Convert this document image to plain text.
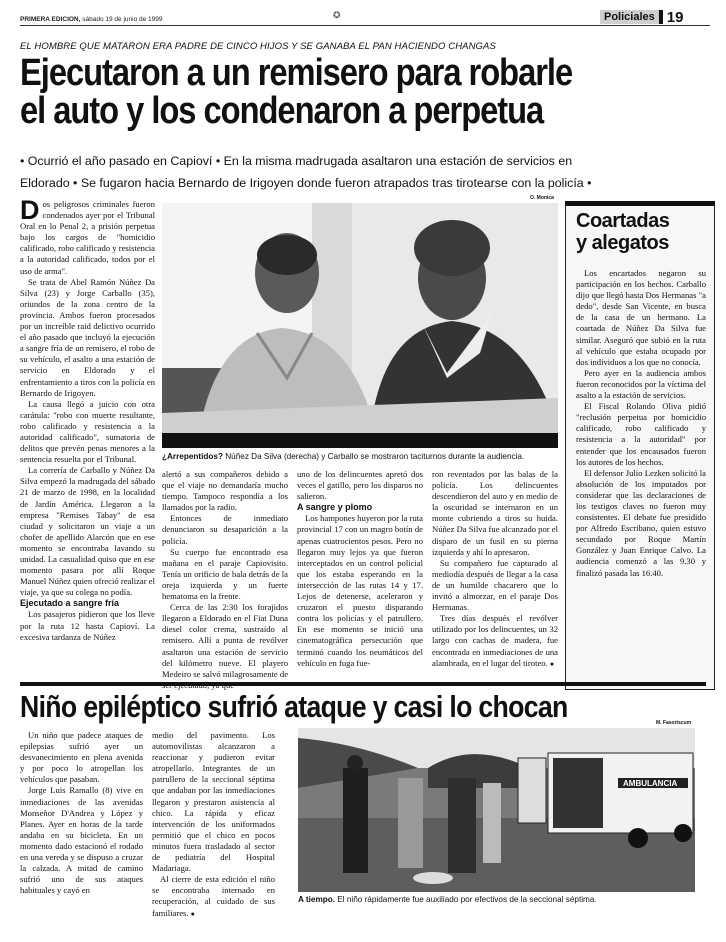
PRIMERA EDICION, sábado 19 de junio de 1999	✪	Policiales 19
EL HOMBRE QUE MATARON ERA PADRE DE CINCO HIJOS Y SE GANABA EL PAN HACIENDO CHANGAS
Ejecutaron a un remisero para robarle
el auto y los condenaron a perpetua
• Ocurrió el año pasado en Capioví • En la misma madrugada asaltaron una estación de servicios en
Eldorado • Se fugaron hacia Bernardo de Irigoyen donde fueron atrapados tras tirotearse con la policía •

Dos peligrosos criminales fueron condenados ayer por el Tribunal Oral en lo Penal 2, a prisión perpetua bajo los cargos de "homicidio calificado, robo calificado y resistencia a la autoridad calificado, todos por el uso de arma".

Se trata de Abel Ramón Núñez Da Silva (23) y Jorge Carballo (35), oriundos de la zona centro de la provincia. Ambos fueron procesados por un increíble raid delictivo ocurrido el año pasado que incluyó la ejecución a sangre fría de un remisero, el robo de su vehículo, el asalto a una estación de servicio en Eldorado y el enfrentamiento a tiros con la policía en Bernardo de Irigoyen.

La causa llegó a juicio con otra carátula: "robo con muerte resultante, robo calificado y resistencia a la autoridad calificado", sumatoria de delitos que prevén penas menores a la sentencia resuelta por el Tribunal.

La correría de Carballo y Núñez Da Silva empezó la madrugada del sábado 21 de marzo de 1998, en la localidad de Jardín América. Llegaron a la empresa "Remises Tabay" de esa ciudad y solicitaron un viaje a un chofer de apellido Alarcón que en ese momento se encontraba lavando su unidad. La casualidad quiso que en ese momento pasara por allí Roque Manuel Núñez quien ofreció realizar el viaje, ya que su colega no podía.

Ejecutado a sangre fría

Los pasajeros pidieron que los lleve por la ruta 12 hasta Capioví. La excesiva tardanza de Núñez

O. Monica
¿Arrepentidos? Núñez Da Silva (derecha) y Carballo se mostraron taciturnos durante la audiencia.

alertó a sus compañeros debido a que el viaje no demandaría mucho tiempo. Tampoco respondía a los llamados por la radio.

Entonces de inmediato denunciaron su desaparición a la policía.

Su cuerpo fue encontrado esa mañana en el paraje Capiovisito. Tenía un orificio de bala detrás de la oreja izquierda y un fuerte hematoma en la frente.

Cerca de las 2:30 los forajidos llegaron a Eldorado en el Fiat Duna diesel color crema, sustraído al remisero. Allí a punta de revólver asaltaron una estación de servicio del kilómetro nueve. El playero Medeiro se salvó milagrosamente de

uno de los delincuentes apretó dos veces el gatillo, pero los disparos no salieron.

A sangre y plomo

Los hampones huyeron por la ruta provincial 17 con un magro botín de apenas cuatrocientos pesos. Pero no llegaron muy lejos ya que fueron interceptados en un control policial que los estaba esperando en la intersección de las rutas 14 y 17. Lejos de detenerse, aceleraron y cruzaron el puesto disparando contra los policías y el patrullero. En ese momento se inició una cinematográfica persecución que terminó cuando los neumáticos del vehículo en fuga fue-

ron reventados por las balas de la policía. Los delincuentes descendieron del auto y en medio de la oscuridad se internaron en un monte cubriendo a tiros su huida. Núñez Da Silva fue alcanzado por el disparo de un fusil en su pierna izquierda y ahí lo apresaron.

Su compañero fue capturado al mediodía después de llegar a la casa de un humilde chacarero que lo invitó a almorzar, en el paraje Dos Hermanas.

Tres días después el revólver utilizado por los delincuentes, un 32 largo con cachas de madera, fue encontrada en inmediaciones de una alambrada, en el lugar del tiroteo. ●

Coartadas
y alegatos

Los encartados negaron su participación en los hechos. Carballo dijo que llegó hasta Dos Hermanas "a dedo", desde San Vicente, en busca de la casa de un hermano. La coartada de Núñez Da Silva fue similar. Aseguró que subió en la ruta al vehículo que estaba ocupado por dos individuos a los que no conocía.

Pero ayer en la audiencia ambos fueron reconocidos por la víctima del asalto a la estación de servicios.

El Fiscal Rolando Oliva pidió "reclusión perpetua por homicidio calificado, robo calificado y resistencia a la autoridad" por entender que los encausados fueron los autores de los hechos.

El defensor Julio Lezken solicitó la absolución de los imputados por considerar que las declaraciones de los testigos claves no fueron muy consistentes. El debate fue presidido por Alfredo Escribano, quien estuvo secundado por Roque Martín González y Juan Enrique Calvo. La audiencia comenzó a las 9.30 y finalizó pasada las 16.40.

Niño epiléptico sufrió ataque y casi lo chocan

Un niño que padece ataques de epilepsias sufrió ayer un desvanecimiento en plena avenida y por poco lo atropellan los vehículos que pasaban.

Jorge Luis Ramallo (8) vive en inmediaciones de las avenidas Monseñor D'Andrea y López y Planes. Ayer en horas de la tarde andaba en su bicicleta. En un momento dado estacionó el rodado en una vereda y se dispuso a cruzar la calzada. A mitad de camino sufrió uno de sus ataques habituales y cayó en

medio del pavimento. Los automovilistas alcanzaron a reaccionar y pudieron evitar atropellarlo. Integrantes de un patrullero de la seccional séptima que andaban por las inmediaciones llegaron y prestaron asistencia al chico. La rápida y eficaz intervención de los uniformados permitió que el chico en pocos minutos fuera trasladado al sector de pediatría del Hospital Madariaga.

Al cierre de esta edición el niño se encontraba internado en recuperación, al cuidado de sus familiares. ●

M. Fasoriscum
AMBULANCIA
A tiempo. El niño rápidamente fue auxiliado por efectivos de la seccional séptima.
